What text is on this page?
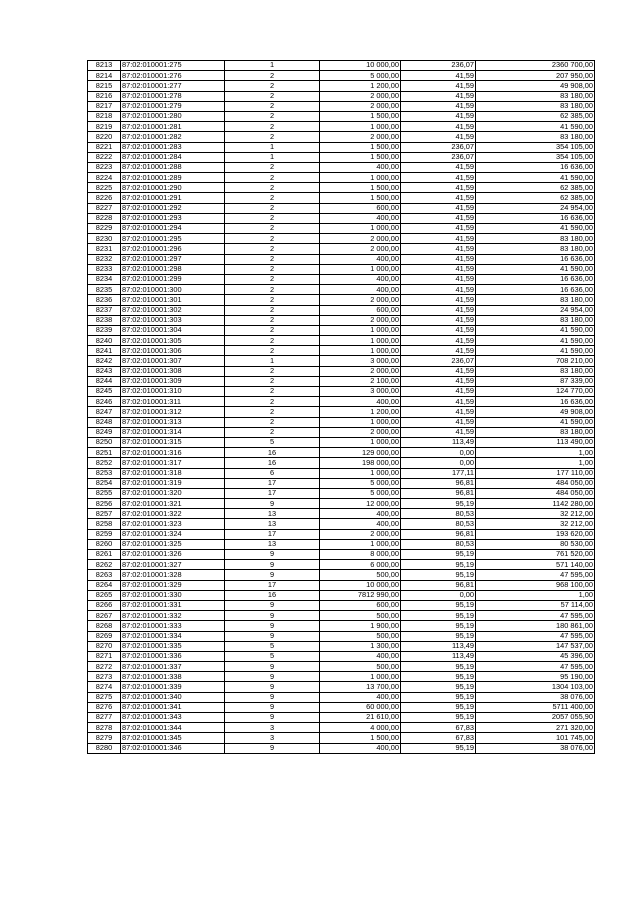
8213	87:02:010001:275	1	10 000,00	236,07	2360 700,00
8214	87:02:010001:276	2	5 000,00	41,59	207 950,00
8215	87:02:010001:277	2	1 200,00	41,59	49 908,00
8216	87:02:010001:278	2	2 000,00	41,59	83 180,00
8217	87:02:010001:279	2	2 000,00	41,59	83 180,00
8218	87:02:010001:280	2	1 500,00	41,59	62 385,00
8219	87:02:010001:281	2	1 000,00	41,59	41 590,00
8220	87:02:010001:282	2	2 000,00	41,59	83 180,00
8221	87:02:010001:283	1	1 500,00	236,07	354 105,00
8222	87:02:010001:284	1	1 500,00	236,07	354 105,00
8223	87:02:010001:288	2	400,00	41,59	16 636,00
8224	87:02:010001:289	2	1 000,00	41,59	41 590,00
8225	87:02:010001:290	2	1 500,00	41,59	62 385,00
8226	87:02:010001:291	2	1 500,00	41,59	62 385,00
8227	87:02:010001:292	2	600,00	41,59	24 954,00
8228	87:02:010001:293	2	400,00	41,59	16 636,00
8229	87:02:010001:294	2	1 000,00	41,59	41 590,00
8230	87:02:010001:295	2	2 000,00	41,59	83 180,00
8231	87:02:010001:296	2	2 000,00	41,59	83 180,00
8232	87:02:010001:297	2	400,00	41,59	16 636,00
8233	87:02:010001:298	2	1 000,00	41,59	41 590,00
8234	87:02:010001:299	2	400,00	41,59	16 636,00
8235	87:02:010001:300	2	400,00	41,59	16 636,00
8236	87:02:010001:301	2	2 000,00	41,59	83 180,00
8237	87:02:010001:302	2	600,00	41,59	24 954,00
8238	87:02:010001:303	2	2 000,00	41,59	83 180,00
8239	87:02:010001:304	2	1 000,00	41,59	41 590,00
8240	87:02:010001:305	2	1 000,00	41,59	41 590,00
8241	87:02:010001:306	2	1 000,00	41,59	41 590,00
8242	87:02:010001:307	1	3 000,00	236,07	708 210,00
8243	87:02:010001:308	2	2 000,00	41,59	83 180,00
8244	87:02:010001:309	2	2 100,00	41,59	87 339,00
8245	87:02:010001:310	2	3 000,00	41,59	124 770,00
8246	87:02:010001:311	2	400,00	41,59	16 636,00
8247	87:02:010001:312	2	1 200,00	41,59	49 908,00
8248	87:02:010001:313	2	1 000,00	41,59	41 590,00
8249	87:02:010001:314	2	2 000,00	41,59	83 180,00
8250	87:02:010001:315	5	1 000,00	113,49	113 490,00
8251	87:02:010001:316	16	129 000,00	0,00	1,00
8252	87:02:010001:317	16	198 000,00	0,00	1,00
8253	87:02:010001:318	6	1 000,00	177,11	177 110,00
8254	87:02:010001:319	17	5 000,00	96,81	484 050,00
8255	87:02:010001:320	17	5 000,00	96,81	484 050,00
8256	87:02:010001:321	9	12 000,00	95,19	1142 280,00
8257	87:02:010001:322	13	400,00	80,53	32 212,00
8258	87:02:010001:323	13	400,00	80,53	32 212,00
8259	87:02:010001:324	17	2 000,00	96,81	193 620,00
8260	87:02:010001:325	13	1 000,00	80,53	80 530,00
8261	87:02:010001:326	9	8 000,00	95,19	761 520,00
8262	87:02:010001:327	9	6 000,00	95,19	571 140,00
8263	87:02:010001:328	9	500,00	95,19	47 595,00
8264	87:02:010001:329	17	10 000,00	96,81	968 100,00
8265	87:02:010001:330	16	7812 990,00	0,00	1,00
8266	87:02:010001:331	9	600,00	95,19	57 114,00
8267	87:02:010001:332	9	500,00	95,19	47 595,00
8268	87:02:010001:333	9	1 900,00	95,19	180 861,00
8269	87:02:010001:334	9	500,00	95,19	47 595,00
8270	87:02:010001:335	5	1 300,00	113,49	147 537,00
8271	87:02:010001:336	5	400,00	113,49	45 396,00
8272	87:02:010001:337	9	500,00	95,19	47 595,00
8273	87:02:010001:338	9	1 000,00	95,19	95 190,00
8274	87:02:010001:339	9	13 700,00	95,19	1304 103,00
8275	87:02:010001:340	9	400,00	95,19	38 076,00
8276	87:02:010001:341	9	60 000,00	95,19	5711 400,00
8277	87:02:010001:343	9	21 610,00	95,19	2057 055,90
8278	87:02:010001:344	3	4 000,00	67,83	271 320,00
8279	87:02:010001:345	3	1 500,00	67,83	101 745,00
8280	87:02:010001:346	9	400,00	95,19	38 076,00
